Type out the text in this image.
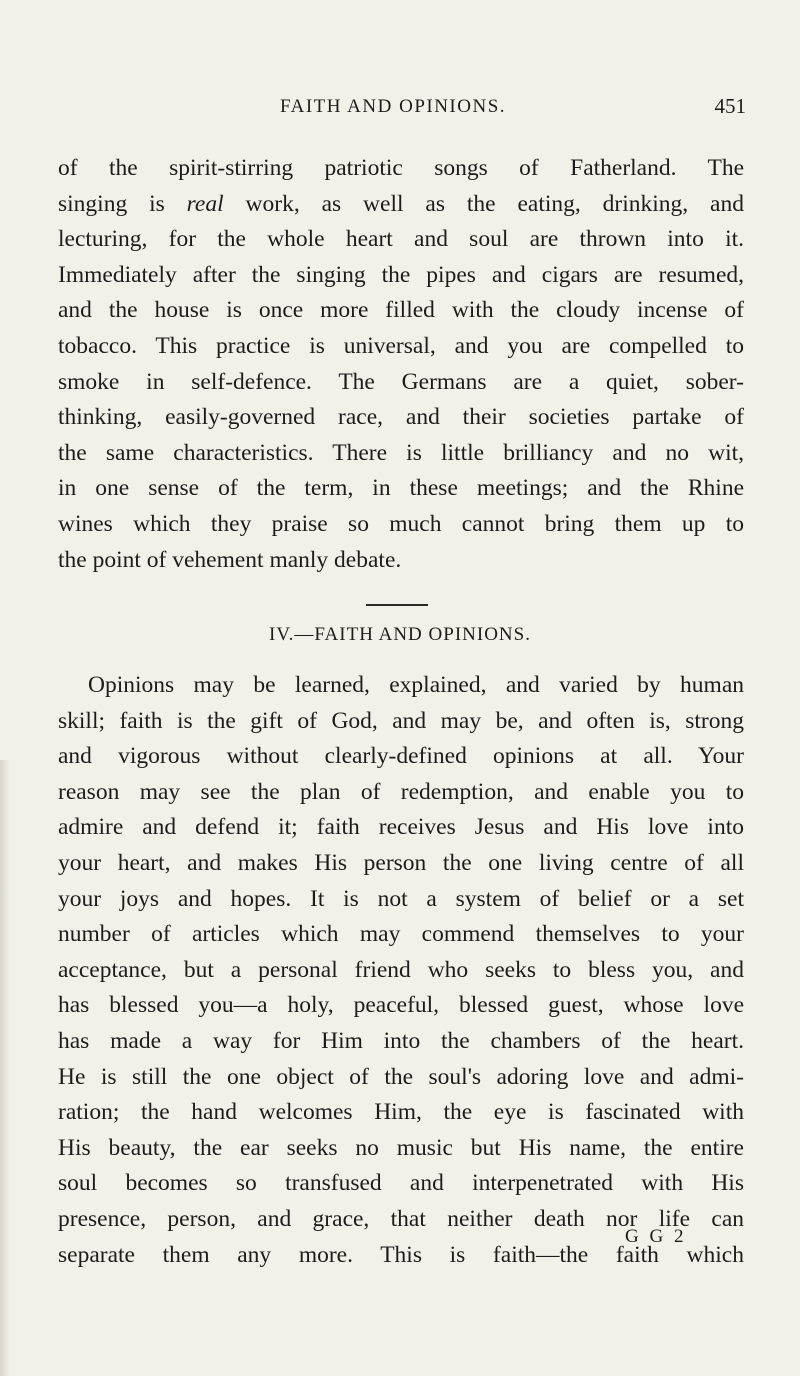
FAITH AND OPINIONS.	451
of the spirit-stirring patriotic songs of Fatherland. The
singing is real work, as well as the eating, drinking, and
lecturing, for the whole heart and soul are thrown into it.
Immediately after the singing the pipes and cigars are resumed,
and the house is once more filled with the cloudy incense of
tobacco. This practice is universal, and you are compelled to
smoke in self-defence. The Germans are a quiet, sober-
thinking, easily-governed race, and their societies partake of
the same characteristics. There is little brilliancy and no wit,
in one sense of the term, in these meetings; and the Rhine
wines which they praise so much cannot bring them up to
the point of vehement manly debate.
IV.—FAITH AND OPINIONS.
Opinions may be learned, explained, and varied by human
skill; faith is the gift of God, and may be, and often is, strong
and vigorous without clearly-defined opinions at all. Your
reason may see the plan of redemption, and enable you to
admire and defend it; faith receives Jesus and His love into
your heart, and makes His person the one living centre of all
your joys and hopes. It is not a system of belief or a set
number of articles which may commend themselves to your
acceptance, but a personal friend who seeks to bless you, and
has blessed you—a holy, peaceful, blessed guest, whose love
has made a way for Him into the chambers of the heart.
He is still the one object of the soul's adoring love and admi-
ration; the hand welcomes Him, the eye is fascinated with
His beauty, the ear seeks no music but His name, the entire
soul becomes so transfused and interpenetrated with His
presence, person, and grace, that neither death nor life can
separate them any more. This is faith—the faith which
G G 2
